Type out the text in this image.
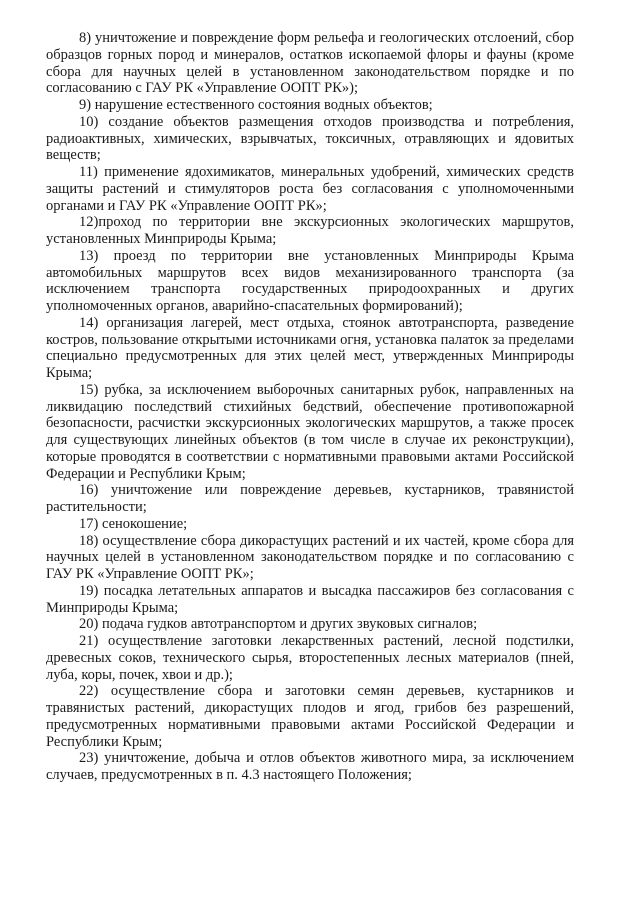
8) уничтожение и повреждение форм рельефа и геологических отслоений, сбор образцов горных пород и минералов, остатков ископаемой флоры и фауны (кроме сбора для научных целей в установленном законодательством порядке и по согласованию с ГАУ РК «Управление ООПТ РК»);

9) нарушение естественного состояния водных объектов;

10) создание объектов размещения отходов производства и потребления, радиоактивных, химических, взрывчатых, токсичных, отравляющих и ядовитых веществ;

11) применение ядохимикатов, минеральных удобрений, химических средств защиты растений и стимуляторов роста без согласования с уполномоченными органами и ГАУ РК «Управление ООПТ РК»;

12)проход по территории вне экскурсионных экологических маршрутов, установленных Минприроды Крыма;

13) проезд по территории вне установленных Минприроды Крыма автомобильных маршрутов всех видов механизированного транспорта (за исключением транспорта государственных природоохранных и других уполномоченных органов, аварийно-спасательных формирований);

14) организация лагерей, мест отдыха, стоянок автотранспорта, разведение костров, пользование открытыми источниками огня, установка палаток за пределами специально предусмотренных для этих целей мест, утвержденных Минприроды Крыма;

15) рубка, за исключением выборочных санитарных рубок, направленных на ликвидацию последствий стихийных бедствий, обеспечение противопожарной безопасности, расчистки экскурсионных экологических маршрутов, а также просек для существующих линейных объектов (в том числе в случае их реконструкции), которые проводятся в соответствии с нормативными правовыми актами Российской Федерации и Республики Крым;

16) уничтожение или повреждение деревьев, кустарников, травянистой растительности;

17) сенокошение;

18) осуществление сбора дикорастущих растений и их частей, кроме сбора для научных целей в установленном законодательством порядке и по согласованию с ГАУ РК «Управление ООПТ РК»;

19) посадка летательных аппаратов и высадка пассажиров без согласования с Минприроды Крыма;

20) подача гудков автотранспортом и других звуковых сигналов;

21) осуществление заготовки лекарственных растений, лесной подстилки, древесных соков, технического сырья, второстепенных лесных материалов (пней, луба, коры, почек, хвои и др.);

22) осуществление сбора и заготовки семян деревьев, кустарников и травянистых растений, дикорастущих плодов и ягод, грибов без разрешений, предусмотренных нормативными правовыми актами Российской Федерации и Республики Крым;

23) уничтожение, добыча и отлов объектов животного мира, за исключением случаев, предусмотренных в п. 4.3 настоящего Положения;
